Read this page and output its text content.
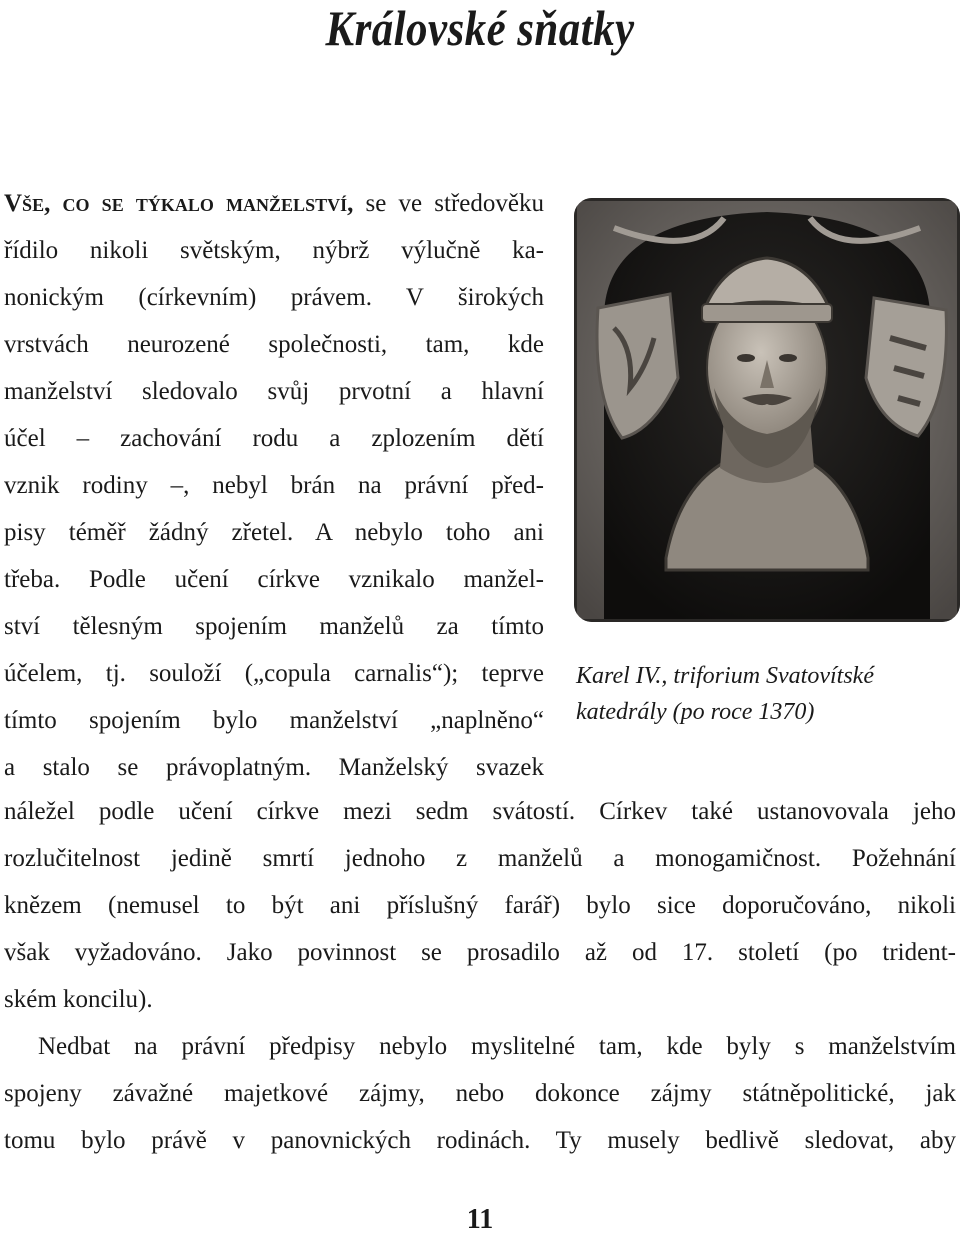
Královské sňatky
Vše, co se týkalo manželství, se ve středověku
řídilo nikoli světským, nýbrž výlučně ka-
nonickým (církevním) právem. V širokých
vrstvách neurozené společnosti, tam, kde
manželství sledovalo svůj prvotní a hlavní
účel – zachování rodu a zplozením dětí
vznik rodiny –, nebyl brán na právní před-
pisy téměř žádný zřetel. A nebylo toho ani
třeba. Podle učení církve vznikalo manžel-
ství tělesným spojením manželů za tímto
účelem, tj. souloží („copula carnalis“); teprve
tímto spojením bylo manželství „naplněno“
a stalo se právoplatným. Manželský svazek
Karel IV., triforium Svatovítské
katedrály (po roce 1370)
náležel podle učení církve mezi sedm svátostí. Církev také ustanovovala jeho
rozlučitelnost jedině smrtí jednoho z manželů a monogamičnost. Požehnání
knězem (nemusel to být ani příslušný farář) bylo sice doporučováno, nikoli
však vyžadováno. Jako povinnost se prosadilo až od 17. století (po trident-
ském koncilu).
Nedbat na právní předpisy nebylo myslitelné tam, kde byly s manželstvím
spojeny závažné majetkové zájmy, nebo dokonce zájmy státněpolitické, jak
tomu bylo právě v panovnických rodinách. Ty musely bedlivě sledovat, aby
11
